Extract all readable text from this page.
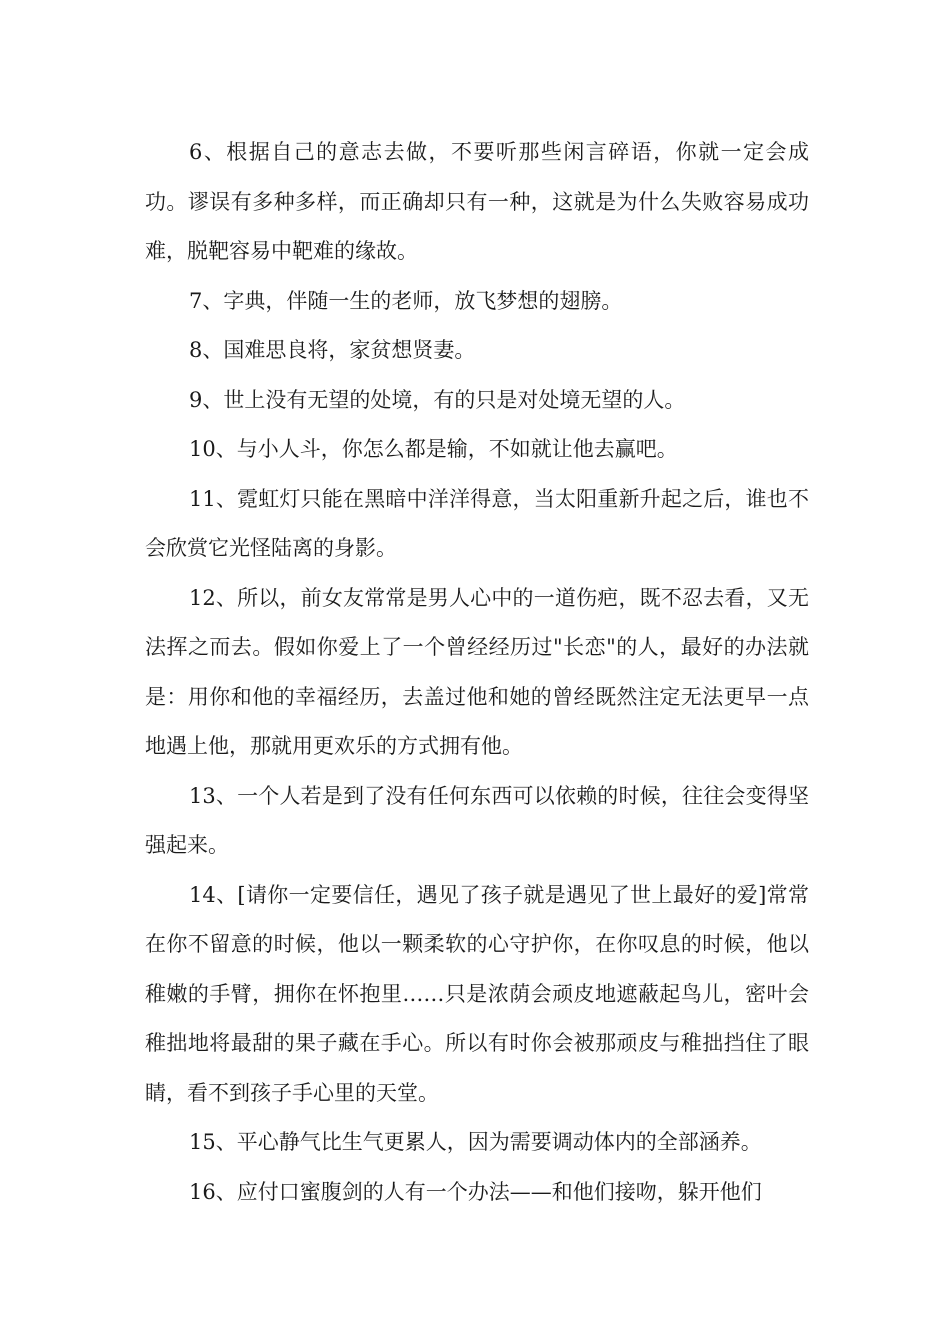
6、根据自己的意志去做，不要听那些闲言碎语，你就一定会成功。谬误有多种多样，而正确却只有一种，这就是为什么失败容易成功难，脱靶容易中靶难的缘故。

7、字典，伴随一生的老师，放飞梦想的翅膀。

8、国难思良将，家贫想贤妻。

9、世上没有无望的处境，有的只是对处境无望的人。

10、与小人斗，你怎么都是输，不如就让他去赢吧。

11、霓虹灯只能在黑暗中洋洋得意，当太阳重新升起之后，谁也不会欣赏它光怪陆离的身影。

12、所以，前女友常常是男人心中的一道伤疤，既不忍去看，又无法挥之而去。假如你爱上了一个曾经经历过"长恋"的人，最好的办法就是：用你和他的幸福经历，去盖过他和她的曾经既然注定无法更早一点地遇上他，那就用更欢乐的方式拥有他。

13、一个人若是到了没有任何东西可以依赖的时候，往往会变得坚强起来。

14、[请你一定要信任，遇见了孩子就是遇见了世上最好的爱]常常在你不留意的时候，他以一颗柔软的心守护你，在你叹息的时候，他以稚嫩的手臂，拥你在怀抱里……只是浓荫会顽皮地遮蔽起鸟儿，密叶会稚拙地将最甜的果子藏在手心。所以有时你会被那顽皮与稚拙挡住了眼睛，看不到孩子手心里的天堂。

15、平心静气比生气更累人，因为需要调动体内的全部涵养。

16、应付口蜜腹剑的人有一个办法——和他们接吻，躲开他们
